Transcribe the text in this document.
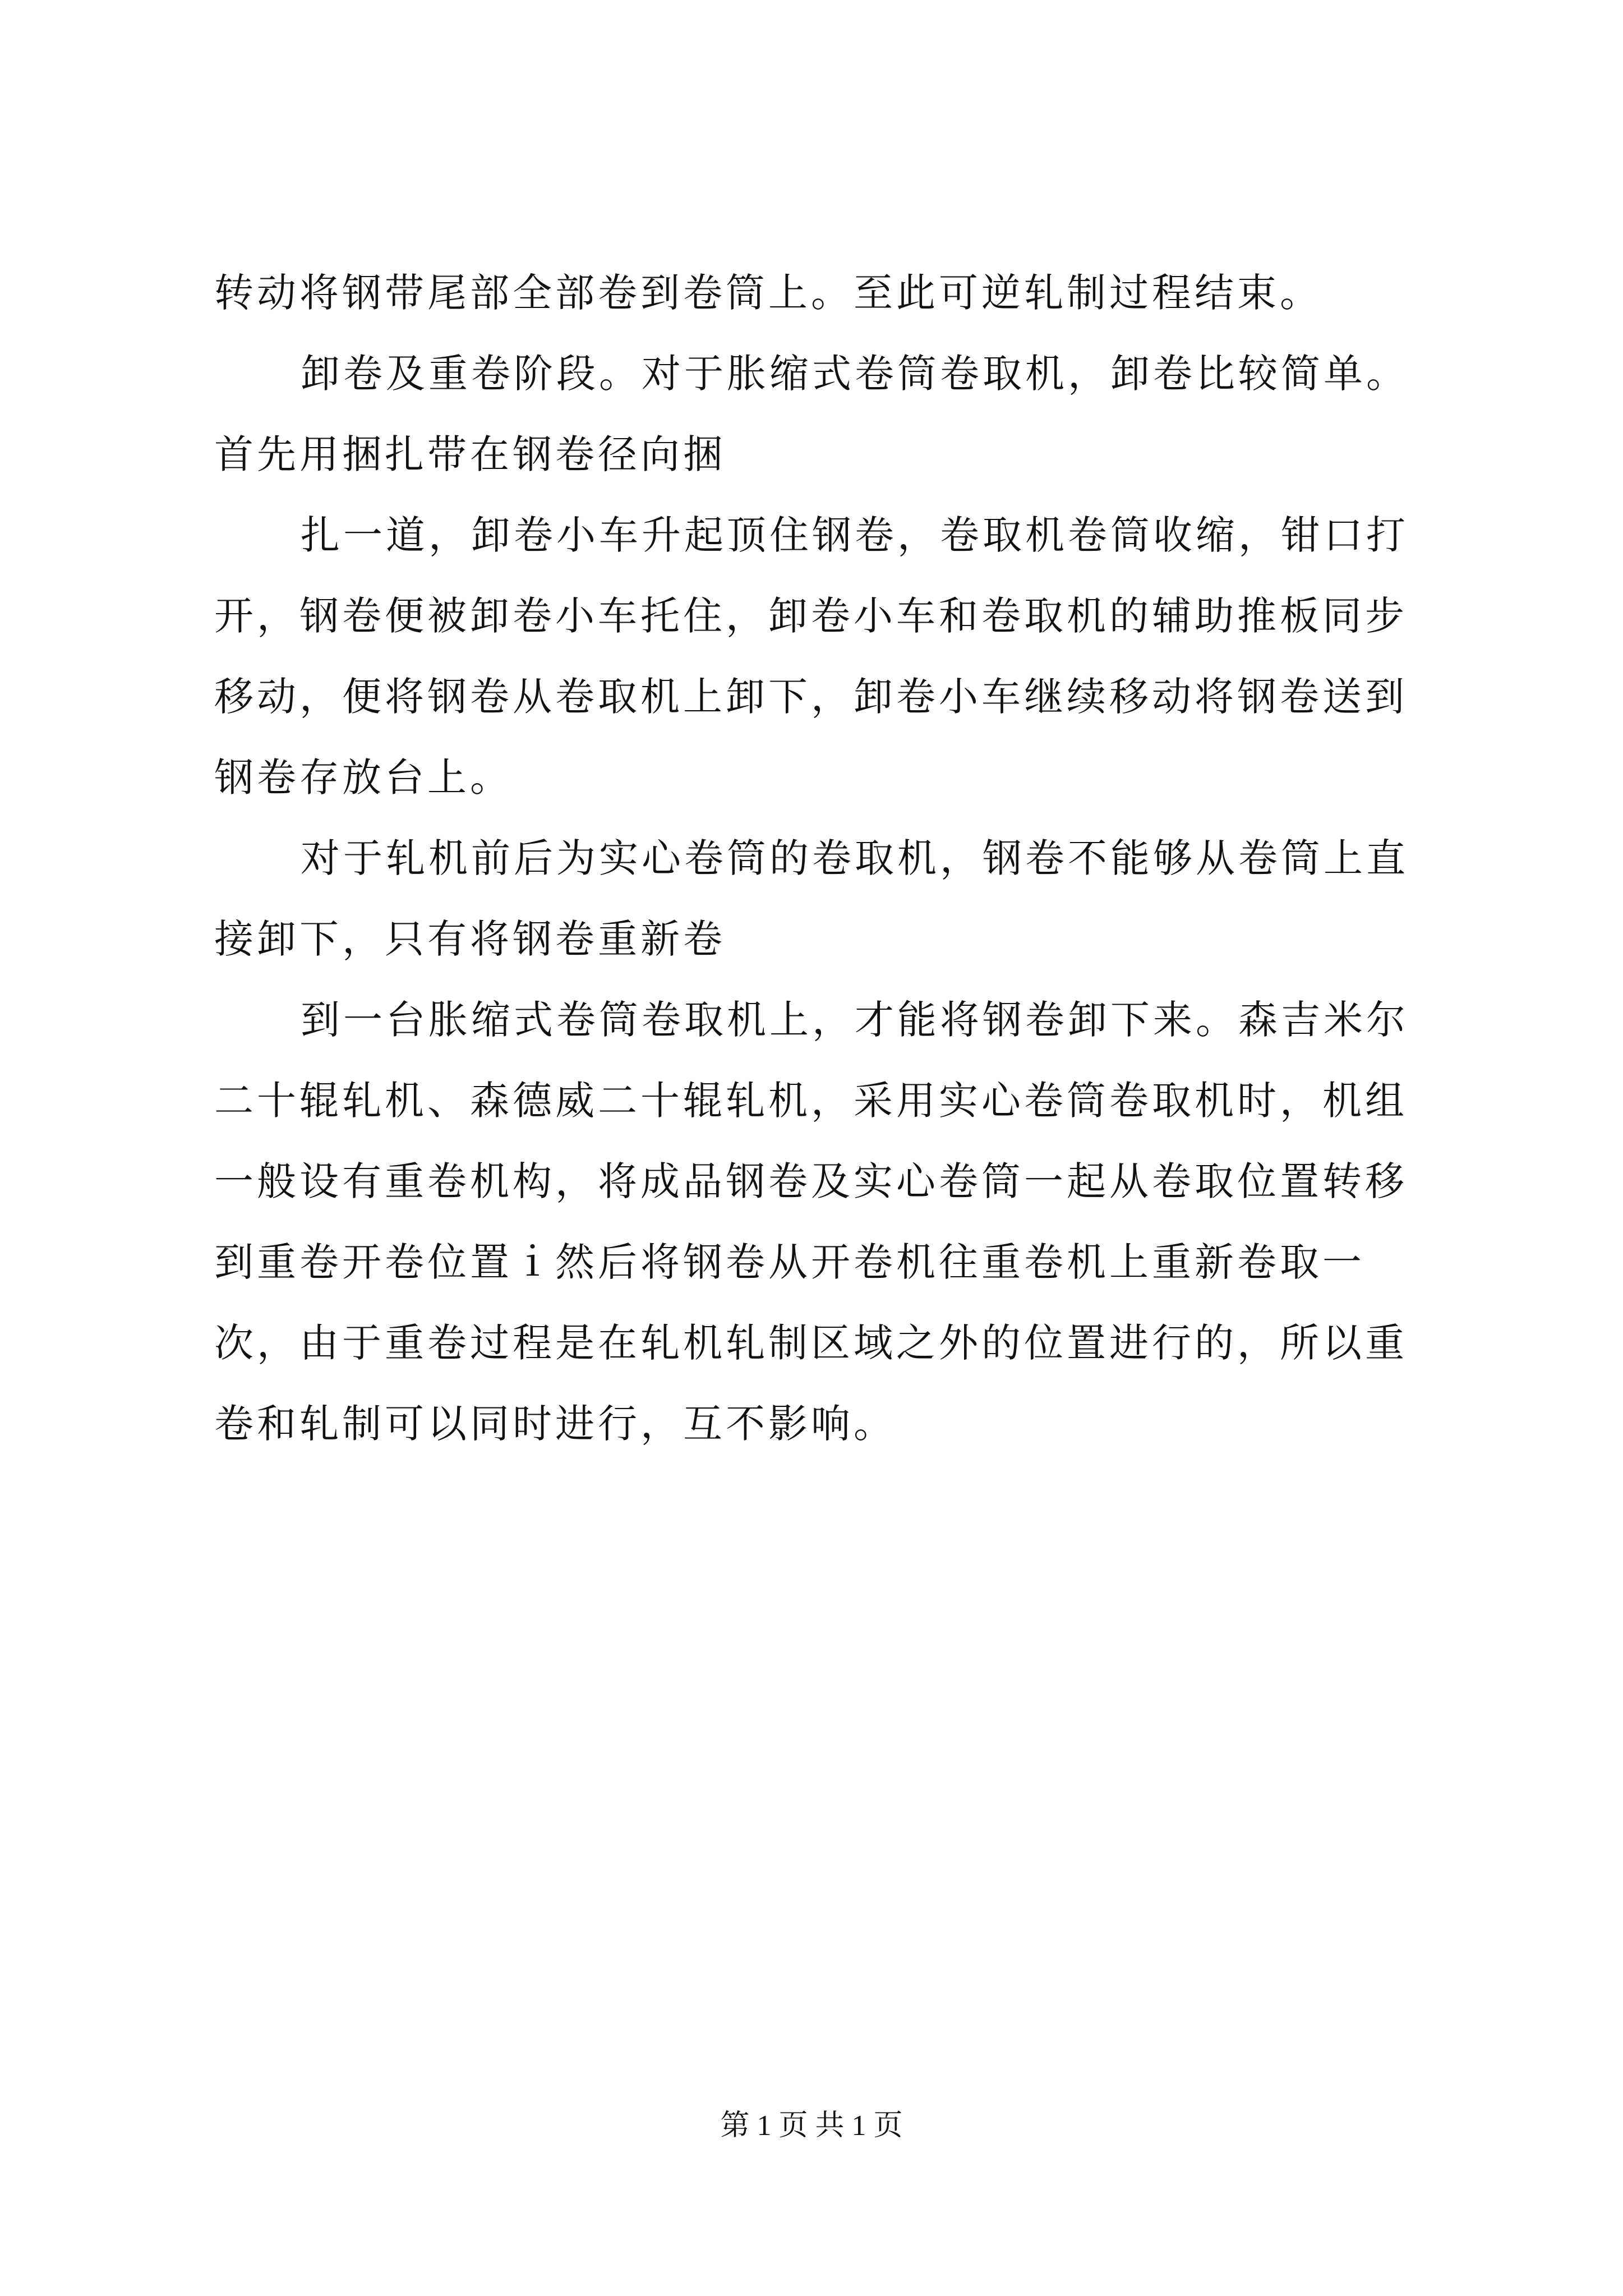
转动将钢带尾部全部卷到卷筒上。至此可逆轧制过程结束。
卸卷及重卷阶段。对于胀缩式卷筒卷取机，卸卷比较简单。
首先用捆扎带在钢卷径向捆
扎一道，卸卷小车升起顶住钢卷，卷取机卷筒收缩，钳口打
开，钢卷便被卸卷小车托住，卸卷小车和卷取机的辅助推板同步
移动，便将钢卷从卷取机上卸下，卸卷小车继续移动将钢卷送到
钢卷存放台上。
对于轧机前后为实心卷筒的卷取机，钢卷不能够从卷筒上直
接卸下，只有将钢卷重新卷
到一台胀缩式卷筒卷取机上，才能将钢卷卸下来。森吉米尔
二十辊轧机、森德威二十辊轧机，采用实心卷筒卷取机时，机组
一般设有重卷机构，将成品钢卷及实心卷筒一起从卷取位置转移
到重卷开卷位置ｉ然后将钢卷从开卷机往重卷机上重新卷取一
次，由于重卷过程是在轧机轧制区域之外的位置进行的，所以重
卷和轧制可以同时进行，互不影响。
第 1 页 共 1 页
